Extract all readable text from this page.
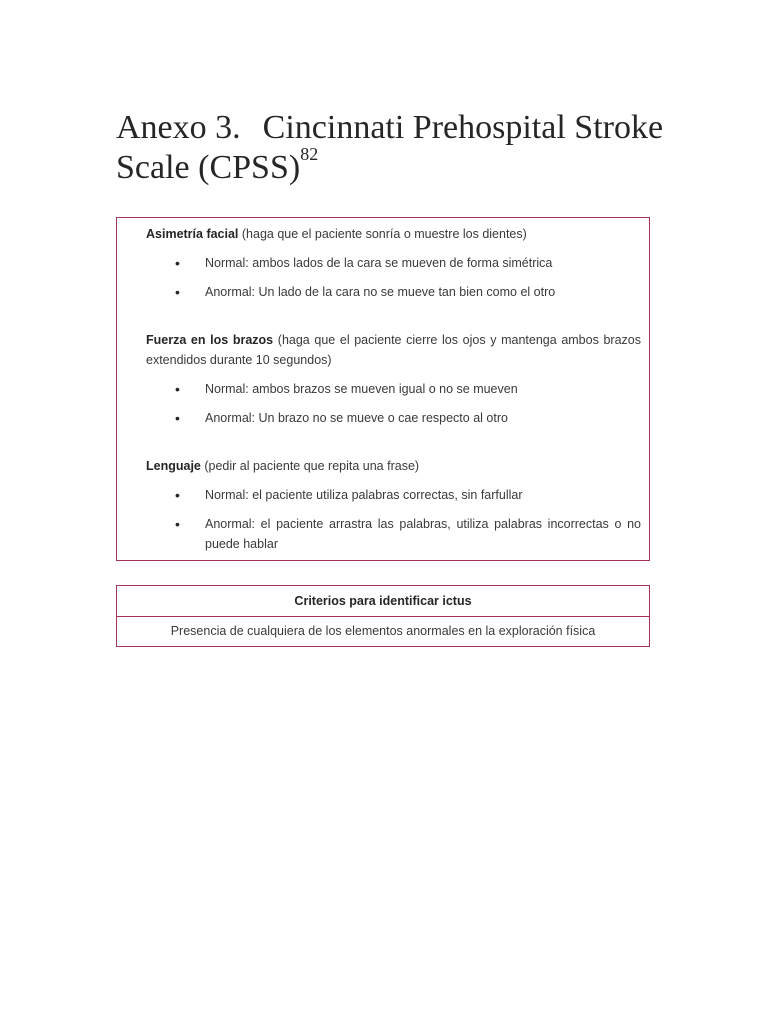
Anexo 3. Cincinnati Prehospital Stroke
Scale (CPSS)$^{82}$

Asimetría facial (haga que el paciente sonría o muestre los dientes)

• Normal: ambos lados de la cara se mueven de forma simétrica
• Anormal: Un lado de la cara no se mueve tan bien como el otro

Fuerza en los brazos (haga que el paciente cierre los ojos y mantenga ambos brazos extendidos durante 10 segundos)

• Normal: ambos brazos se mueven igual o no se mueven
• Anormal: Un brazo no se mueve o cae respecto al otro

Lenguaje (pedir al paciente que repita una frase)

• Normal: el paciente utiliza palabras correctas, sin farfullar
• Anormal: el paciente arrastra las palabras, utiliza palabras incorrectas o no puede hablar
Criterios para identificar ictus
Presencia de cualquiera de los elementos anormales en la exploración física
